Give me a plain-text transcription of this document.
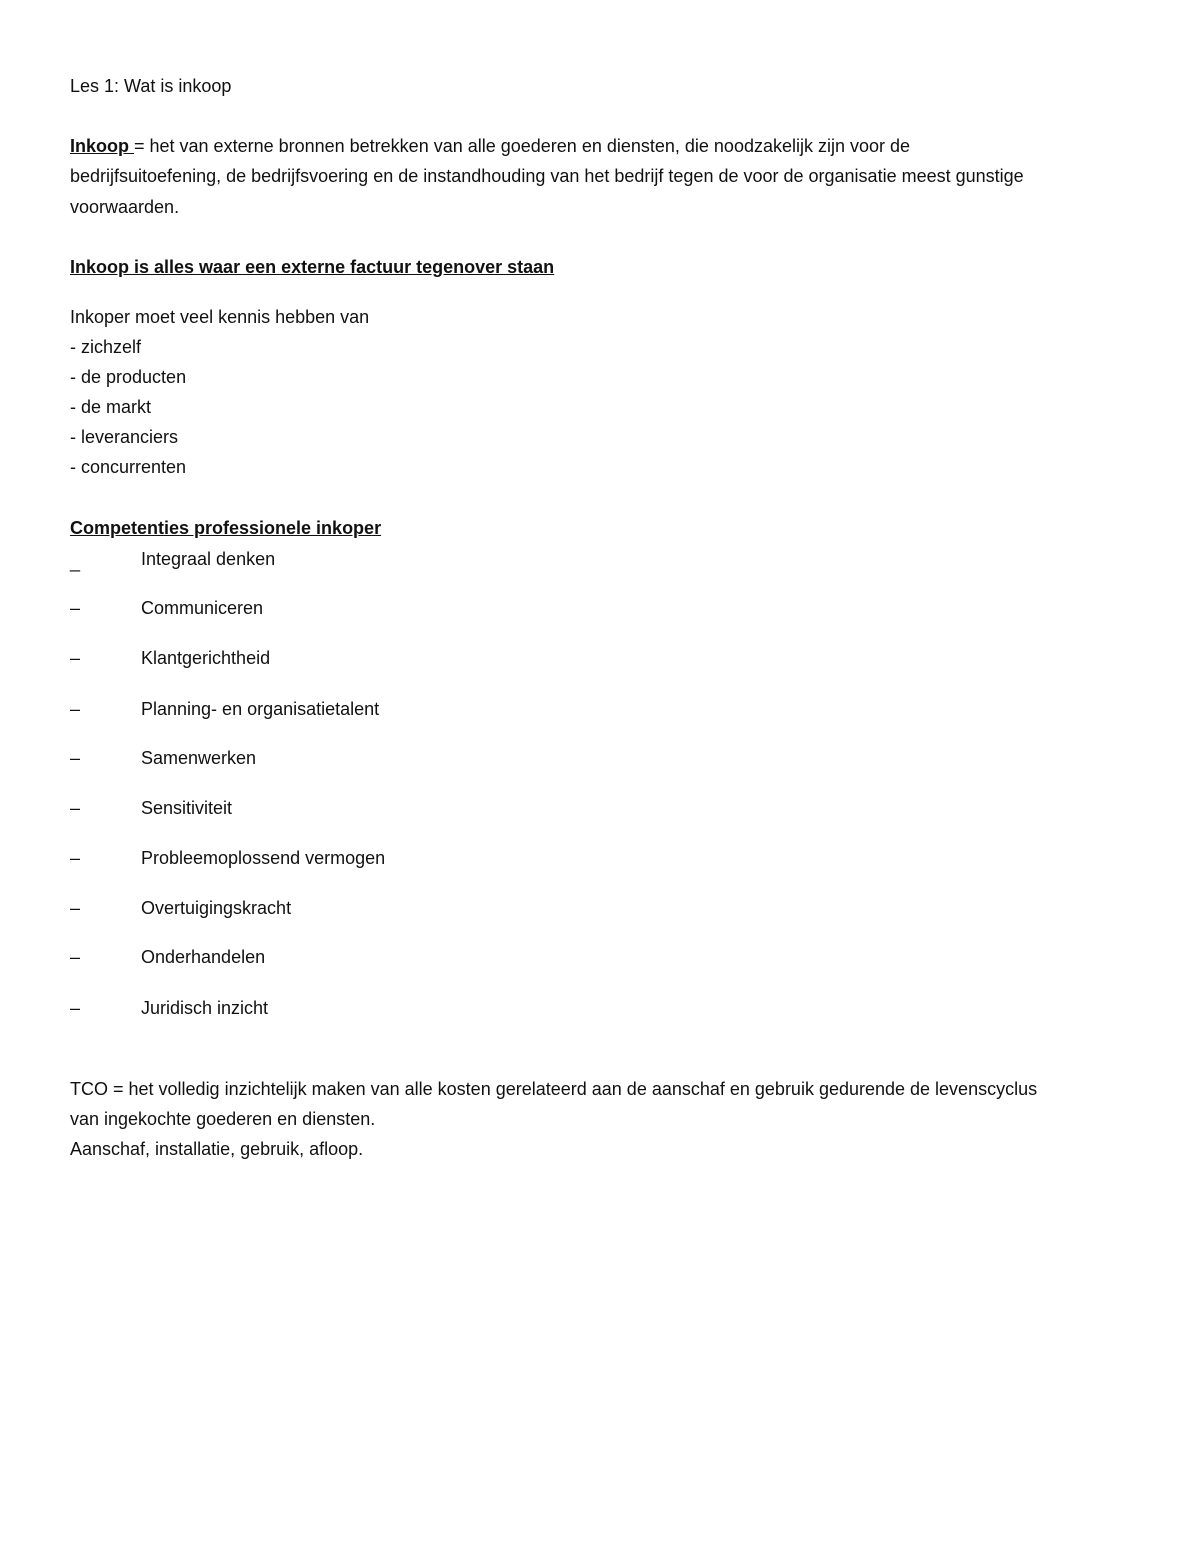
Les 1: Wat is inkoop

Inkoop = het van externe bronnen betrekken van alle goederen en diensten, die noodzakelijk zijn voor de

bedrijfsuitoefening, de bedrijfsvoering en de instandhouding van het bedrijf tegen de voor de organisatie meest gunstige

voorwaarden.

Inkoop is alles waar een externe factuur tegenover staan

Inkoper moet veel kennis hebben van

- zichzelf

- de producten

- de markt

- leveranciers

- concurrenten

Competenties professionele inkoper

_	Integraal denken
–	Communiceren
–	Klantgerichtheid
–	Planning- en organisatietalent
–	Samenwerken
–	Sensitiviteit
–	Probleemoplossend vermogen
–	Overtuigingskracht
–	Onderhandelen
–	Juridisch inzicht

TCO = het volledig inzichtelijk maken van alle kosten gerelateerd aan de aanschaf en gebruik gedurende de levenscyclus

van ingekochte goederen en diensten.

Aanschaf, installatie, gebruik, afloop.
